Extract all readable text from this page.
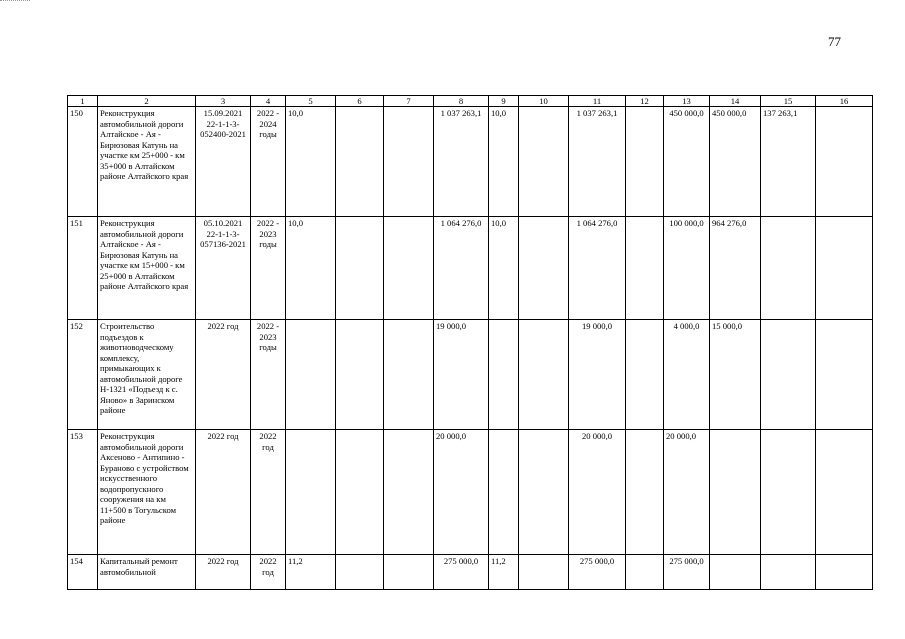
77
1	2	3	4	5	6	7	8	9	10	11	12	13	14	15	16
150	Реконструкция автомобильной дороги Алтайское - Ая - Бирюзовая Катунь на участке км 25+000 - км 35+000 в Алтайском районе Алтайского края	15.09.2021 22-1-1-3-052400-2021	2022 - 2024 годы	10,0			1 037 263,1	10,0		1 037 263,1		450 000,0	450 000,0	137 263,1	
151	Реконструкция автомобильной дороги Алтайское - Ая - Бирюзовая Катунь на участке км 15+000 - км 25+000 в Алтайском районе Алтайского края	05.10.2021 22-1-1-3-057136-2021	2022 - 2023 годы	10,0			1 064 276,0	10,0		1 064 276,0		100 000,0	964 276,0		
152	Строительство подъездов к животноводческому комплексу, примыкающих к автомобильной дороге Н-1321 «Подъезд к с. Яново» в Заринском районе	2022 год	2022 - 2023 годы				19 000,0			19 000,0		4 000,0	15 000,0		
153	Реконструкция автомобильной дороги Аксеново - Антипино - Бураново с устройством искусственного водопропускного сооружения на км 11+500 в Тогульском районе	2022 год	2022 год				20 000,0			20 000,0		20 000,0			
154	Капитальный ремонт автомобильной	2022 год	2022 год	11,2			275 000,0	11,2		275 000,0		275 000,0			
